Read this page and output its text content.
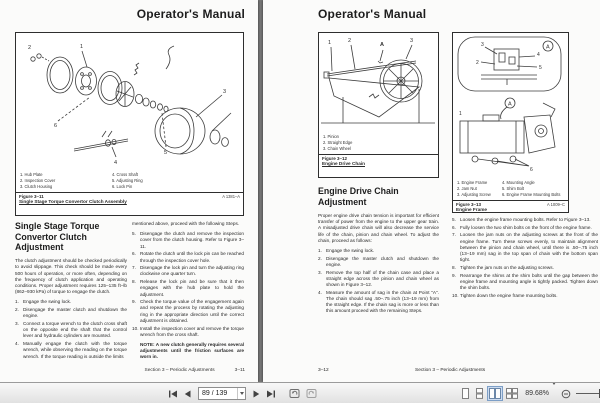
Operator's Manual
1
2
3
4
5
6
1. Hub Plate
2. Inspection Cover
3. Clutch Housing
4. Cross Shaft
5. Adjusting Ring
6. Lock Pin
Figure 3–11	A 1381–A
Single Stage Torque Convertor Clutch Assembly
Single Stage Torque Convertor Clutch Adjustment

The clutch adjustment should be checked periodically to avoid slippage. This check should be made every 500 hours of operation, or more often, depending on the frequency of clutch application and operating conditions. Proper adjustment requires 125–135 ft–lb (862–930 kPa) of torque to engage the clutch.

1. Engage the swing lock.
2. Disengage the master clutch and shutdown the engine.
3. Connect a torque wrench to the clutch cross shaft on the opposite end the shaft that the control lever and hydraulic cylinders are mounted.
4. Manually engage the clutch with the torque wrench, while observing the reading on the torque wrench. If the torque reading is outside the limits

mentioned above, proceed with the following Steps.

5. Disengage the clutch and remove the inspection cover from the clutch housing. Refer to Figure 3–11.
6. Rotate the clutch until the lock pin can be reached through the inspection cover hole.
7. Disengage the lock pin and turn the adjusting ring clockwise one quarter turn.
8. Release the lock pin and be sure that it then engages with the hub plate to hold the adjustment.
9. Check the torque value of the engagement again and repeat the process by rotating the adjusting ring in the appropriate direction until the correct adjustment is obtained.
10. Install the inspection cover and remove the torque wrench from the cross shaft.

NOTE: A new clutch generally requires several adjustments until the friction surfaces are worn in.

Section 3 – Periodic Adjustments	3–11
Operator's Manual
1	2
A
3
1. Pinion
2. Straight Edge
3. Chain Wheel
Figure 3–12
Engine Drive Chain
A
3
4
2
5
A
1
6
1. Engine Frame
2. Jam Nut
3. Adjusting Screw
4. Mounting Angle
5. Shim Bolt
6. Engine Frame Mounting Bolts
Figure 3–13	A 1009–C
Engine Frame
Engine Drive Chain Adjustment

Proper engine drive chain tension is important for efficient transfer of power from the engine to the upper gear train. A misadjusted drive chain will also decrease the service life of the chain, pinion and chain wheel. To adjust the chain, proceed as follows:

1. Engage the swing lock.
2. Disengage the master clutch and shutdown the engine.
3. Remove the top half of the chain case and place a straight edge across the pinion and chain wheel as shown in Figure 3–12.
4. Measure the amount of sag in the chain at Point "A". The chain should sag .50–.75 inch (13–19 mm) from the straight edge. If the chain sag is more or less than this amount proceed with the remaining Steps.
5. Loosen the engine frame mounting bolts. Refer to Figure 3–13.
6. Fully loosen the two shim bolts on the front of the engine frame.
7. Loosen the jam nuts on the adjusting screws at the front of the engine frame. Turn these screws evenly, to maintain alignment between the pinion and chain wheel, until there is .50–.75 inch (13–19 mm) sag in the top span of chain with the bottom span tight.
8. Tighten the jam nuts on the adjusting screws.
9. Rearrange the shims at the shim bolts until the gap between the engine frame and mounting angle is tightly packed. Tighten down the shim bolts.
10. Tighten down the engine frame mounting bolts.
3–12	Section 3 – Periodic Adjustments
89 / 139
89.68%
